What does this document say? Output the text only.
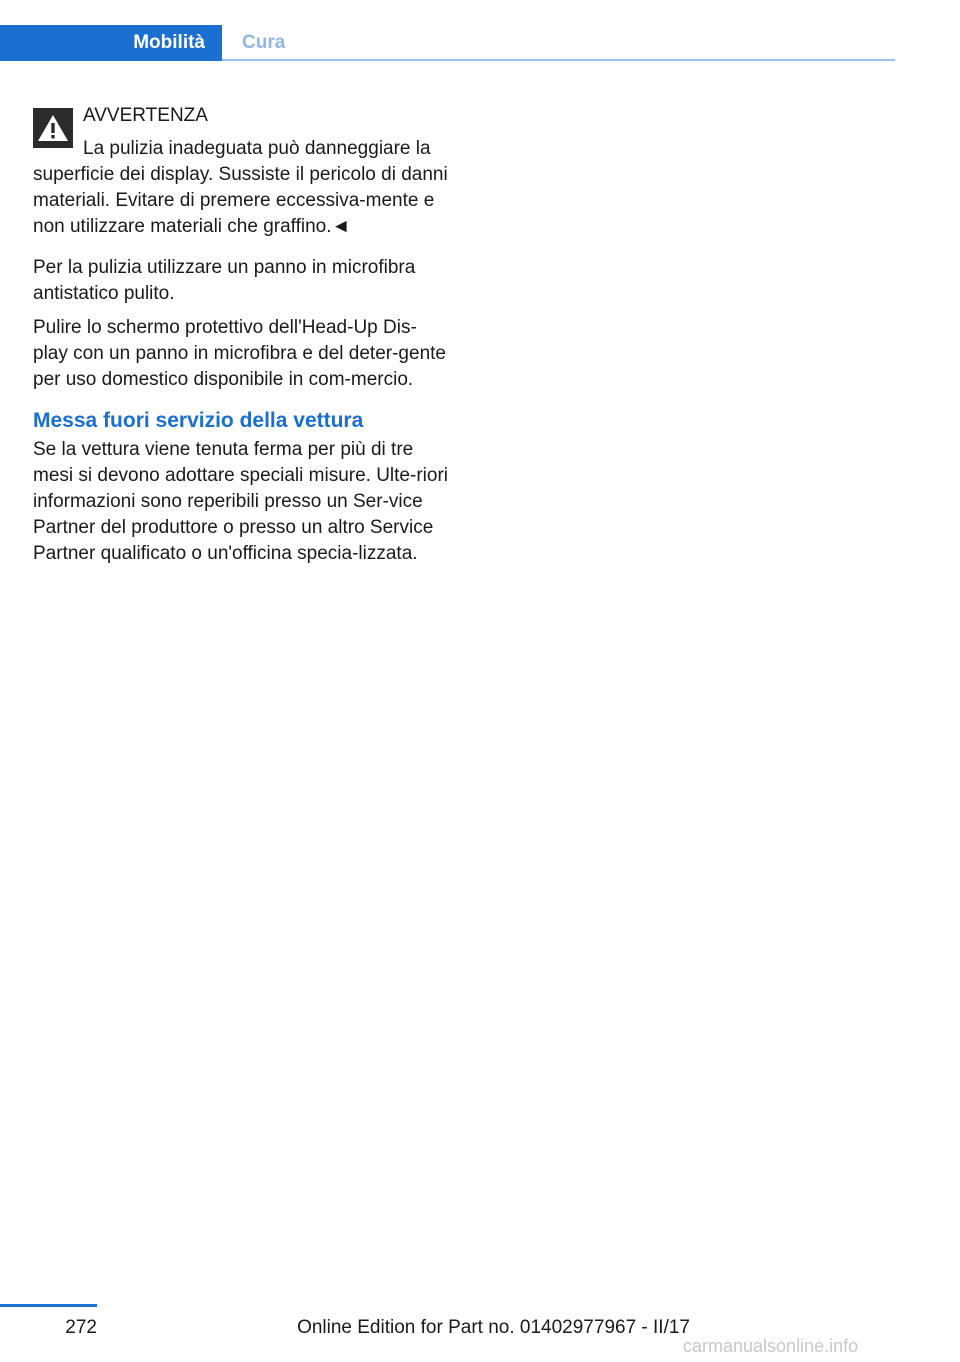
Mobilità Cura
AVVERTENZA

La pulizia inadeguata può danneggiare la superficie dei display. Sussiste il pericolo di danni materiali. Evitare di premere eccessiva-mente e non utilizzare materiali che graffino.◄

Per la pulizia utilizzare un panno in microfibra antistatico pulito.

Pulire lo schermo protettivo dell'Head-Up Dis-play con un panno in microfibra e del deter-gente per uso domestico disponibile in com-mercio.

Messa fuori servizio della vettura

Se la vettura viene tenuta ferma per più di tre mesi si devono adottare speciali misure. Ulte-riori informazioni sono reperibili presso un Ser-vice Partner del produttore o presso un altro Service Partner qualificato o un'officina specia-lizzata.

272	Online Edition for Part no. 01402977967 - II/17
carmanualsonline.info
